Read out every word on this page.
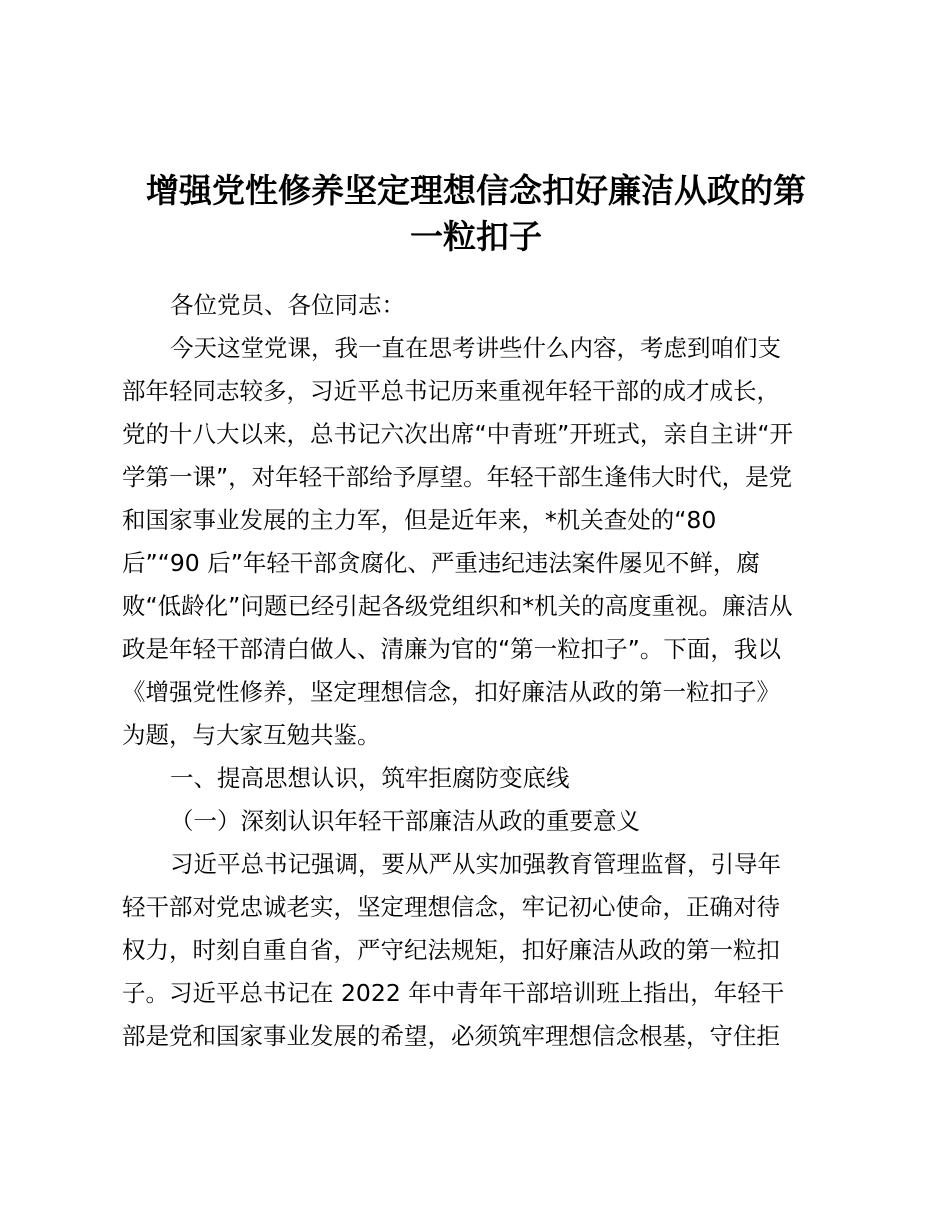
增强党性修养坚定理想信念扣好廉洁从政的第
一粒扣子
各位党员、各位同志：
今天这堂党课，我一直在思考讲些什么内容，考虑到咱们支
部年轻同志较多，习近平总书记历来重视年轻干部的成才成长，
党的十八大以来，总书记六次出席“中青班”开班式，亲自主讲“开
学第一课”，对年轻干部给予厚望。年轻干部生逢伟大时代，是党
和国家事业发展的主力军，但是近年来，*机关查处的“80
后”“90 后”年轻干部贪腐化、严重违纪违法案件屡见不鲜，腐
败“低龄化”问题已经引起各级党组织和*机关的高度重视。廉洁从
政是年轻干部清白做人、清廉为官的“第一粒扣子”。下面，我以
《增强党性修养，坚定理想信念，扣好廉洁从政的第一粒扣子》
为题，与大家互勉共鉴。
一、提高思想认识，筑牢拒腐防变底线
（一）深刻认识年轻干部廉洁从政的重要意义
习近平总书记强调，要从严从实加强教育管理监督，引导年
轻干部对党忠诚老实，坚定理想信念，牢记初心使命，正确对待
权力，时刻自重自省，严守纪法规矩，扣好廉洁从政的第一粒扣
子。习近平总书记在 2022 年中青年干部培训班上指出，年轻干
部是党和国家事业发展的希望，必须筑牢理想信念根基，守住拒
